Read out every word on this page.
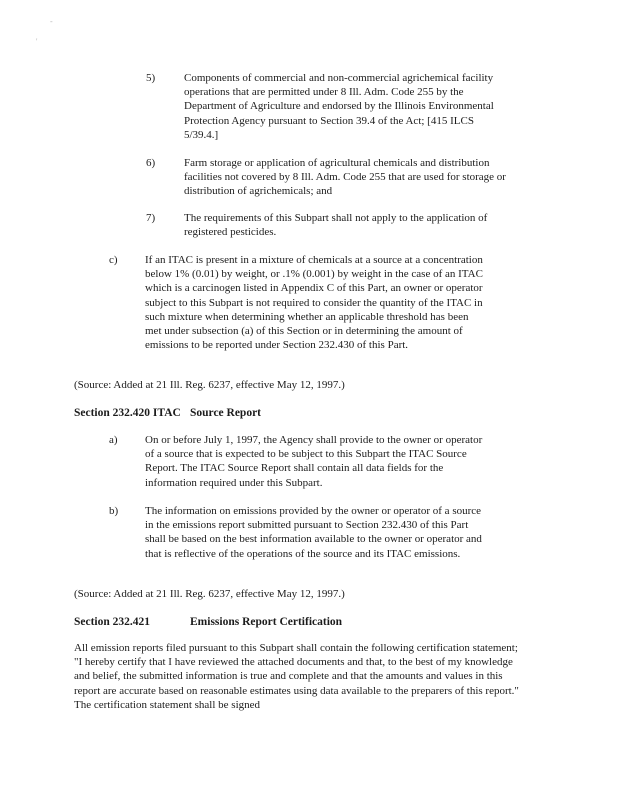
-
'
5)	Components of commercial and non-commercial agrichemical facility operations that are permitted under 8 Ill. Adm. Code 255 by the Department of Agriculture and endorsed by the Illinois Environmental Protection Agency pursuant to Section 39.4 of the Act; [415 ILCS 5/39.4.]
6)	Farm storage or application of agricultural chemicals and distribution facilities not covered by 8 Ill. Adm. Code 255 that are used for storage or distribution of agrichemicals; and
7)	The requirements of this Subpart shall not apply to the application of registered pesticides.
c) If an ITAC is present in a mixture of chemicals at a source at a concentration below 1% (0.01) by weight, or .1% (0.001) by weight in the case of an ITAC which is a carcinogen listed in Appendix C of this Part, an owner or operator subject to this Subpart is not required to consider the quantity of the ITAC in such mixture when determining whether an applicable threshold has been met under subsection (a) of this Section or in determining the amount of emissions to be reported under Section 232.430 of this Part.
(Source: Added at 21 Ill. Reg. 6237, effective May 12, 1997.)
Section 232.420 ITAC Source Report
a) On or before July 1, 1997, the Agency shall provide to the owner or operator of a source that is expected to be subject to this Subpart the ITAC Source Report. The ITAC Source Report shall contain all data fields for the information required under this Subpart.
b) The information on emissions provided by the owner or operator of a source in the emissions report submitted pursuant to Section 232.430 of this Part shall be based on the best information available to the owner or operator and that is reflective of the operations of the source and its ITAC emissions.
(Source: Added at 21 Ill. Reg. 6237, effective May 12, 1997.)
Section 232.421	Emissions Report Certification
All emission reports filed pursuant to this Subpart shall contain the following certification statement; "I hereby certify that I have reviewed the attached documents and that, to the best of my knowledge and belief, the submitted information is true and complete and that the amounts and values in this report are accurate based on reasonable estimates using data available to the preparers of this report." The certification statement shall be signed
